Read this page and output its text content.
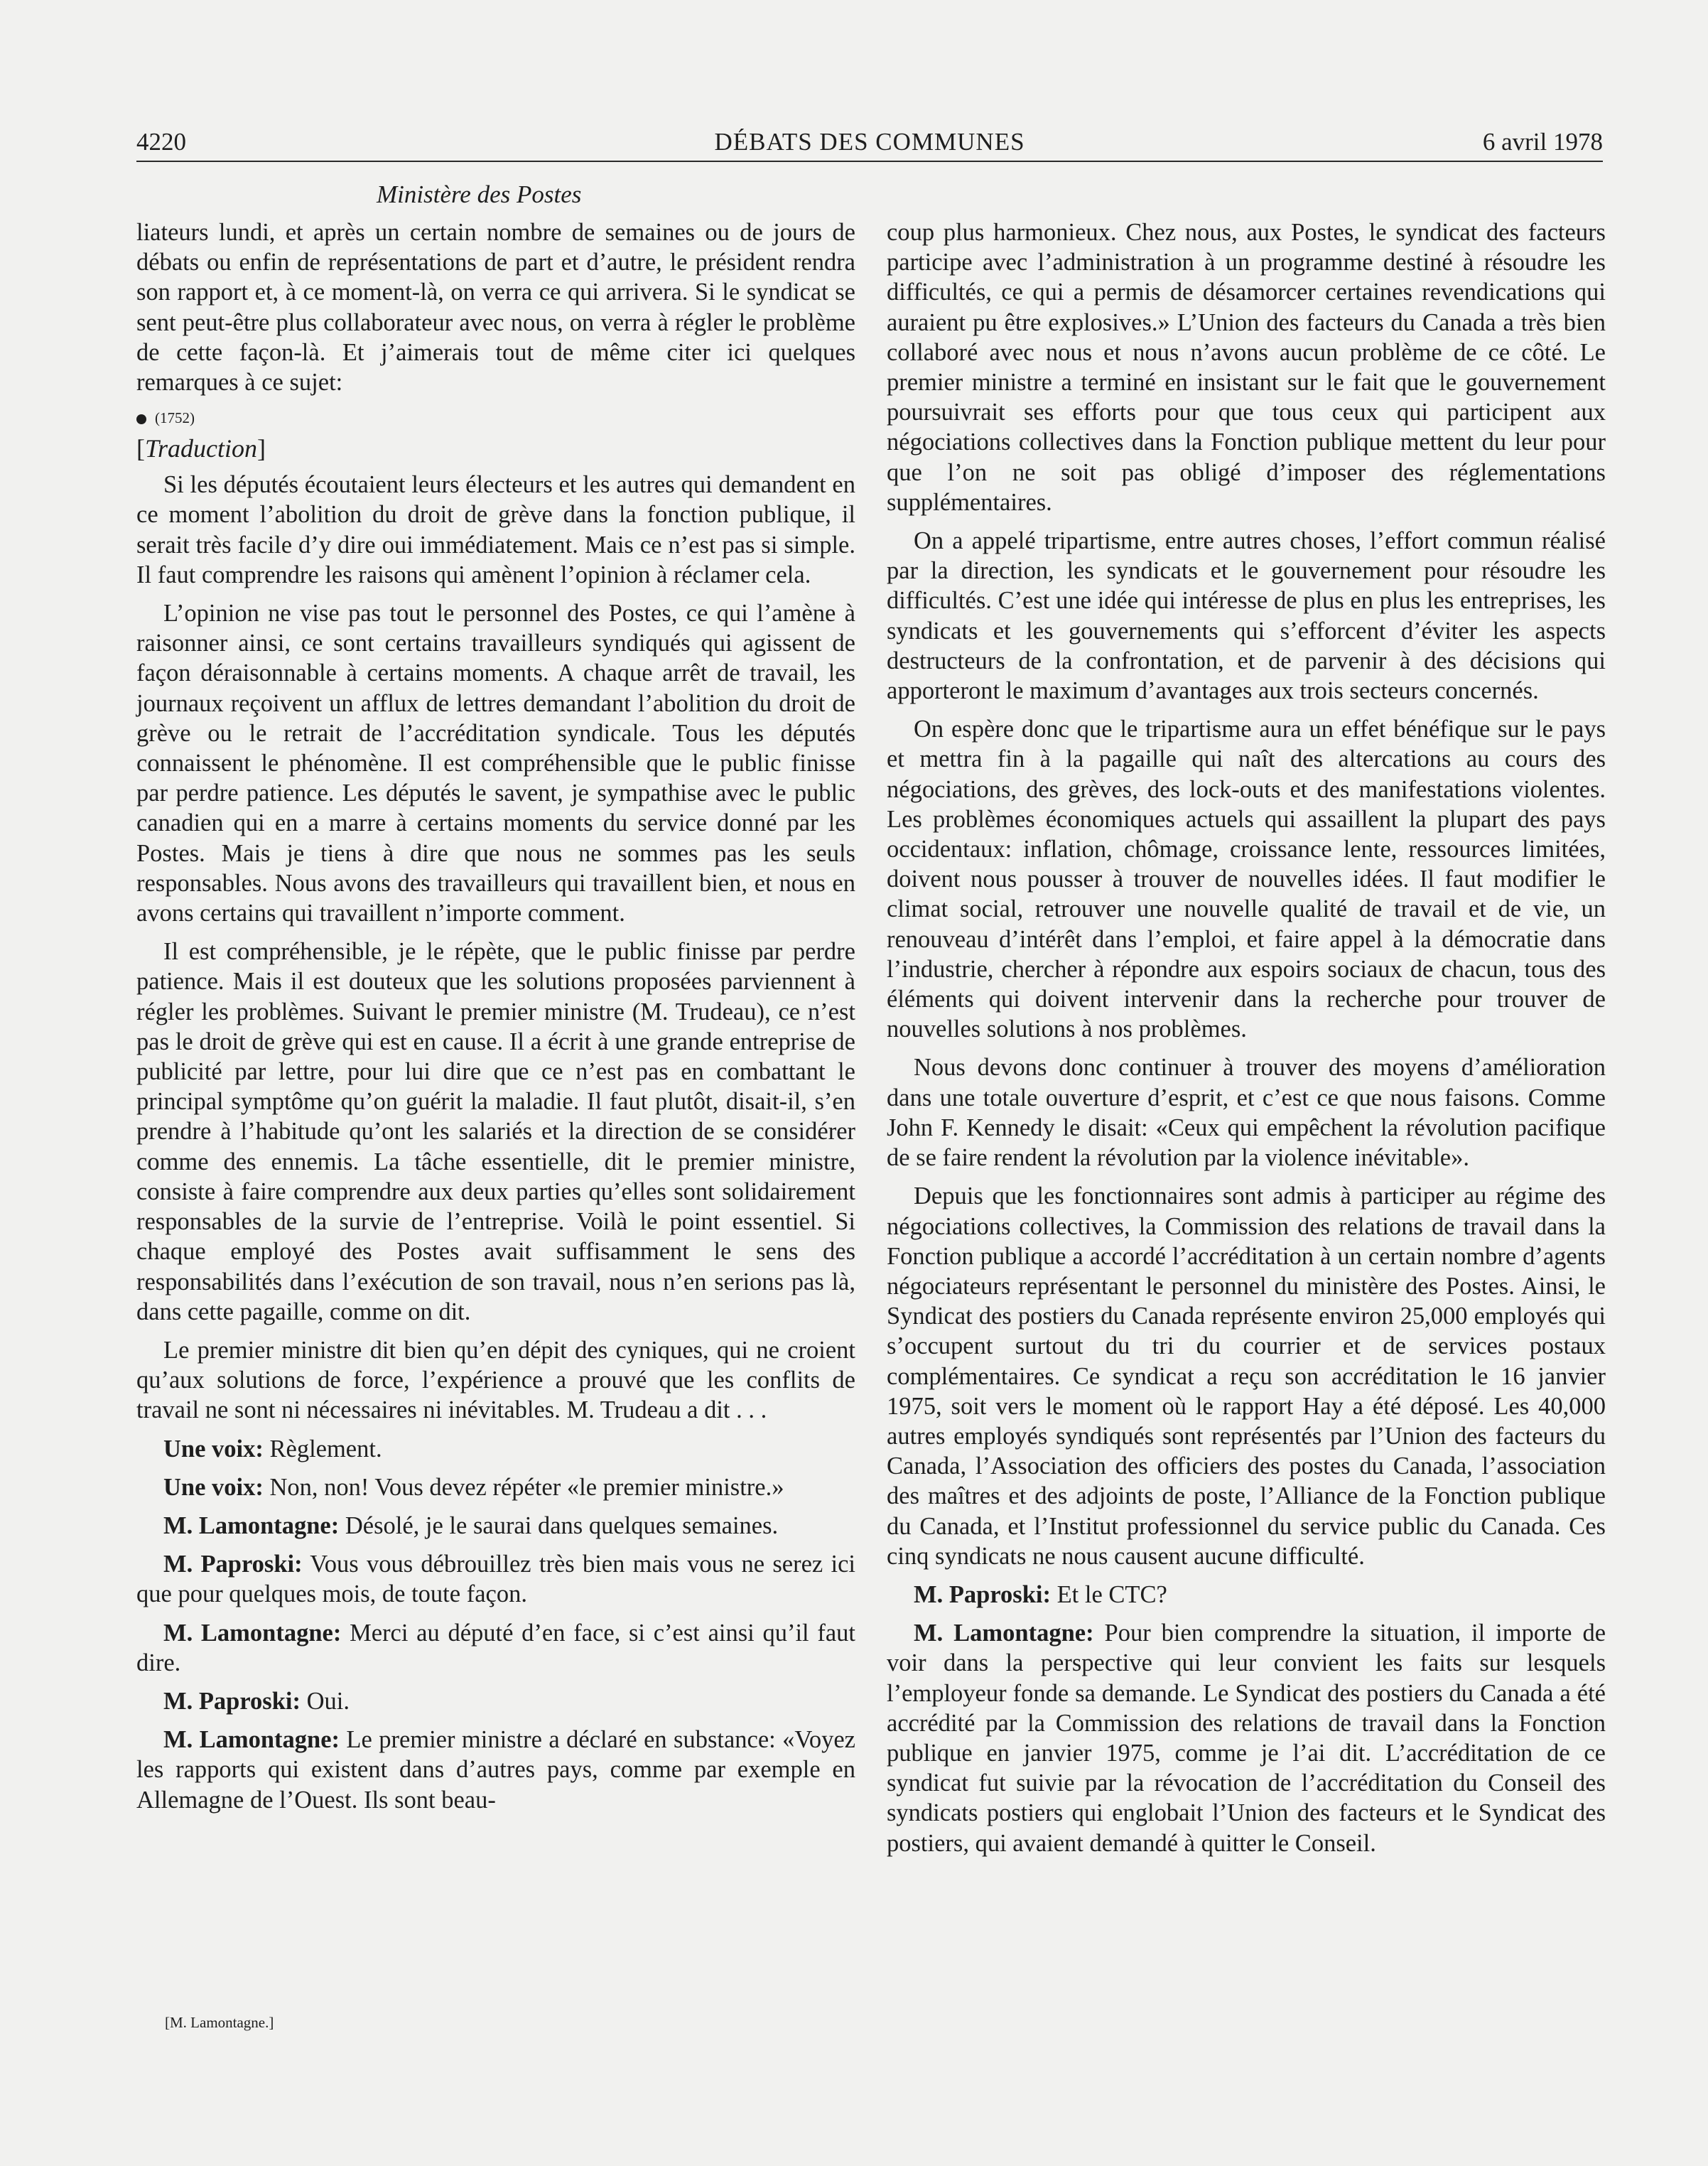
4220	DÉBATS DES COMMUNES	6 avril 1978
Ministère des Postes

liateurs lundi, et après un certain nombre de semaines ou de jours de débats ou enfin de représentations de part et d’autre, le président rendra son rapport et, à ce moment-là, on verra ce qui arrivera. Si le syndicat se sent peut-être plus collaborateur avec nous, on verra à régler le problème de cette façon-là. Et j’aimerais tout de même citer ici quelques remarques à ce sujet:

(1752)
[Traduction]

Si les députés écoutaient leurs électeurs et les autres qui demandent en ce moment l’abolition du droit de grève dans la fonction publique, il serait très facile d’y dire oui immédiatement. Mais ce n’est pas si simple. Il faut comprendre les raisons qui amènent l’opinion à réclamer cela.

L’opinion ne vise pas tout le personnel des Postes, ce qui l’amène à raisonner ainsi, ce sont certains travailleurs syndiqués qui agissent de façon déraisonnable à certains moments. A chaque arrêt de travail, les journaux reçoivent un afflux de lettres demandant l’abolition du droit de grève ou le retrait de l’accréditation syndicale. Tous les députés connaissent le phénomène. Il est compréhensible que le public finisse par perdre patience. Les députés le savent, je sympathise avec le public canadien qui en a marre à certains moments du service donné par les Postes. Mais je tiens à dire que nous ne sommes pas les seuls responsables. Nous avons des travailleurs qui travaillent bien, et nous en avons certains qui travaillent n’importe comment.

Il est compréhensible, je le répète, que le public finisse par perdre patience. Mais il est douteux que les solutions proposées parviennent à régler les problèmes. Suivant le premier ministre (M. Trudeau), ce n’est pas le droit de grève qui est en cause. Il a écrit à une grande entreprise de publicité par lettre, pour lui dire que ce n’est pas en combattant le principal symptôme qu’on guérit la maladie. Il faut plutôt, disait-il, s’en prendre à l’habitude qu’ont les salariés et la direction de se considérer comme des ennemis. La tâche essentielle, dit le premier ministre, consiste à faire comprendre aux deux parties qu’elles sont solidairement responsables de la survie de l’entreprise. Voilà le point essentiel. Si chaque employé des Postes avait suffisamment le sens des responsabilités dans l’exécution de son travail, nous n’en serions pas là, dans cette pagaille, comme on dit.

Le premier ministre dit bien qu’en dépit des cyniques, qui ne croient qu’aux solutions de force, l’expérience a prouvé que les conflits de travail ne sont ni nécessaires ni inévitables. M. Trudeau a dit . . .

Une voix: Règlement.

Une voix: Non, non! Vous devez répéter «le premier ministre.»

M. Lamontagne: Désolé, je le saurai dans quelques semaines.

M. Paproski: Vous vous débrouillez très bien mais vous ne serez ici que pour quelques mois, de toute façon.

M. Lamontagne: Merci au député d’en face, si c’est ainsi qu’il faut dire.

M. Paproski: Oui.

M. Lamontagne: Le premier ministre a déclaré en substance: «Voyez les rapports qui existent dans d’autres pays, comme par exemple en Allemagne de l’Ouest. Ils sont beau-

[M. Lamontagne.]

coup plus harmonieux. Chez nous, aux Postes, le syndicat des facteurs participe avec l’administration à un programme destiné à résoudre les difficultés, ce qui a permis de désamorcer certaines revendications qui auraient pu être explosives.» L’Union des facteurs du Canada a très bien collaboré avec nous et nous n’avons aucun problème de ce côté. Le premier ministre a terminé en insistant sur le fait que le gouvernement poursuivrait ses efforts pour que tous ceux qui participent aux négociations collectives dans la Fonction publique mettent du leur pour que l’on ne soit pas obligé d’imposer des réglementations supplémentaires.

On a appelé tripartisme, entre autres choses, l’effort commun réalisé par la direction, les syndicats et le gouvernement pour résoudre les difficultés. C’est une idée qui intéresse de plus en plus les entreprises, les syndicats et les gouvernements qui s’efforcent d’éviter les aspects destructeurs de la confrontation, et de parvenir à des décisions qui apporteront le maximum d’avantages aux trois secteurs concernés.

On espère donc que le tripartisme aura un effet bénéfique sur le pays et mettra fin à la pagaille qui naît des altercations au cours des négociations, des grèves, des lock-outs et des manifestations violentes. Les problèmes économiques actuels qui assaillent la plupart des pays occidentaux: inflation, chômage, croissance lente, ressources limitées, doivent nous pousser à trouver de nouvelles idées. Il faut modifier le climat social, retrouver une nouvelle qualité de travail et de vie, un renouveau d’intérêt dans l’emploi, et faire appel à la démocratie dans l’industrie, chercher à répondre aux espoirs sociaux de chacun, tous des éléments qui doivent intervenir dans la recherche pour trouver de nouvelles solutions à nos problèmes.

Nous devons donc continuer à trouver des moyens d’amélioration dans une totale ouverture d’esprit, et c’est ce que nous faisons. Comme John F. Kennedy le disait: «Ceux qui empêchent la révolution pacifique de se faire rendent la révolution par la violence inévitable».

Depuis que les fonctionnaires sont admis à participer au régime des négociations collectives, la Commission des relations de travail dans la Fonction publique a accordé l’accréditation à un certain nombre d’agents négociateurs représentant le personnel du ministère des Postes. Ainsi, le Syndicat des postiers du Canada représente environ 25,000 employés qui s’occupent surtout du tri du courrier et de services postaux complémentaires. Ce syndicat a reçu son accréditation le 16 janvier 1975, soit vers le moment où le rapport Hay a été déposé. Les 40,000 autres employés syndiqués sont représentés par l’Union des facteurs du Canada, l’Association des officiers des postes du Canada, l’association des maîtres et des adjoints de poste, l’Alliance de la Fonction publique du Canada, et l’Institut professionnel du service public du Canada. Ces cinq syndicats ne nous causent aucune difficulté.

M. Paproski: Et le CTC?

M. Lamontagne: Pour bien comprendre la situation, il importe de voir dans la perspective qui leur convient les faits sur lesquels l’employeur fonde sa demande. Le Syndicat des postiers du Canada a été accrédité par la Commission des relations de travail dans la Fonction publique en janvier 1975, comme je l’ai dit. L’accréditation de ce syndicat fut suivie par la révocation de l’accréditation du Conseil des syndicats postiers qui englobait l’Union des facteurs et le Syndicat des postiers, qui avaient demandé à quitter le Conseil.
